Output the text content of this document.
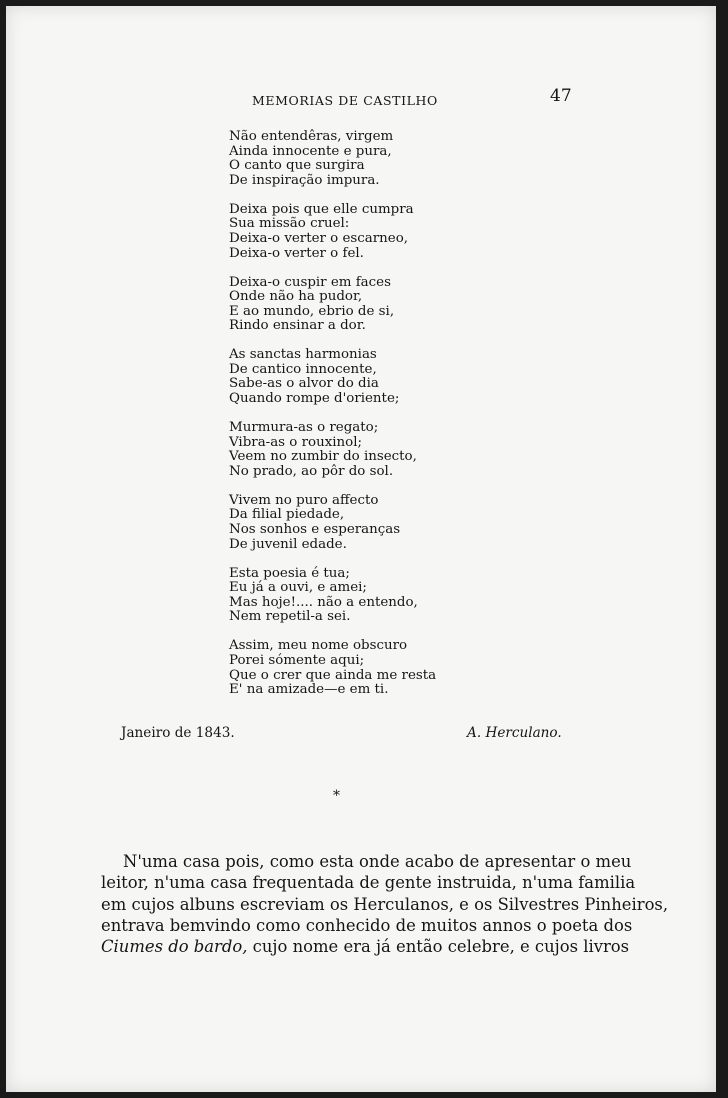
MEMORIAS DE CASTILHO	47
Não entendêras, virgem
Ainda innocente e pura,
O canto que surgira
De inspiração impura.
Deixa pois que elle cumpra
Sua missão cruel:
Deixa-o verter o escarneo,
Deixa-o verter o fel.
Deixa-o cuspir em faces
Onde não ha pudor,
E ao mundo, ebrio de si,
Rindo ensinar a dor.
As sanctas harmonias
De cantico innocente,
Sabe-as o alvor do dia
Quando rompe d'oriente;
Murmura-as o regato;
Vibra-as o rouxinol;
Veem no zumbir do insecto,
No prado, ao pôr do sol.
Vivem no puro affecto
Da filial piedade,
Nos sonhos e esperanças
De juvenil edade.
Esta poesia é tua;
Eu já a ouvi, e amei;
Mas hoje!.... não a entendo,
Nem repetil-a sei.
Assim, meu nome obscuro
Porei sómente aqui;
Que o crer que ainda me resta
E' na amizade—e em ti.
Janeiro de 1843.	A. Herculano.
*
N'uma casa pois, como esta onde acabo de apresentar o meu
leitor, n'uma casa frequentada de gente instruida, n'uma familia
em cujos albuns escreviam os Herculanos, e os Silvestres Pinheiros,
entrava bemvindo como conhecido de muitos annos o poeta dos
Ciumes do bardo, cujo nome era já então celebre, e cujos livros
